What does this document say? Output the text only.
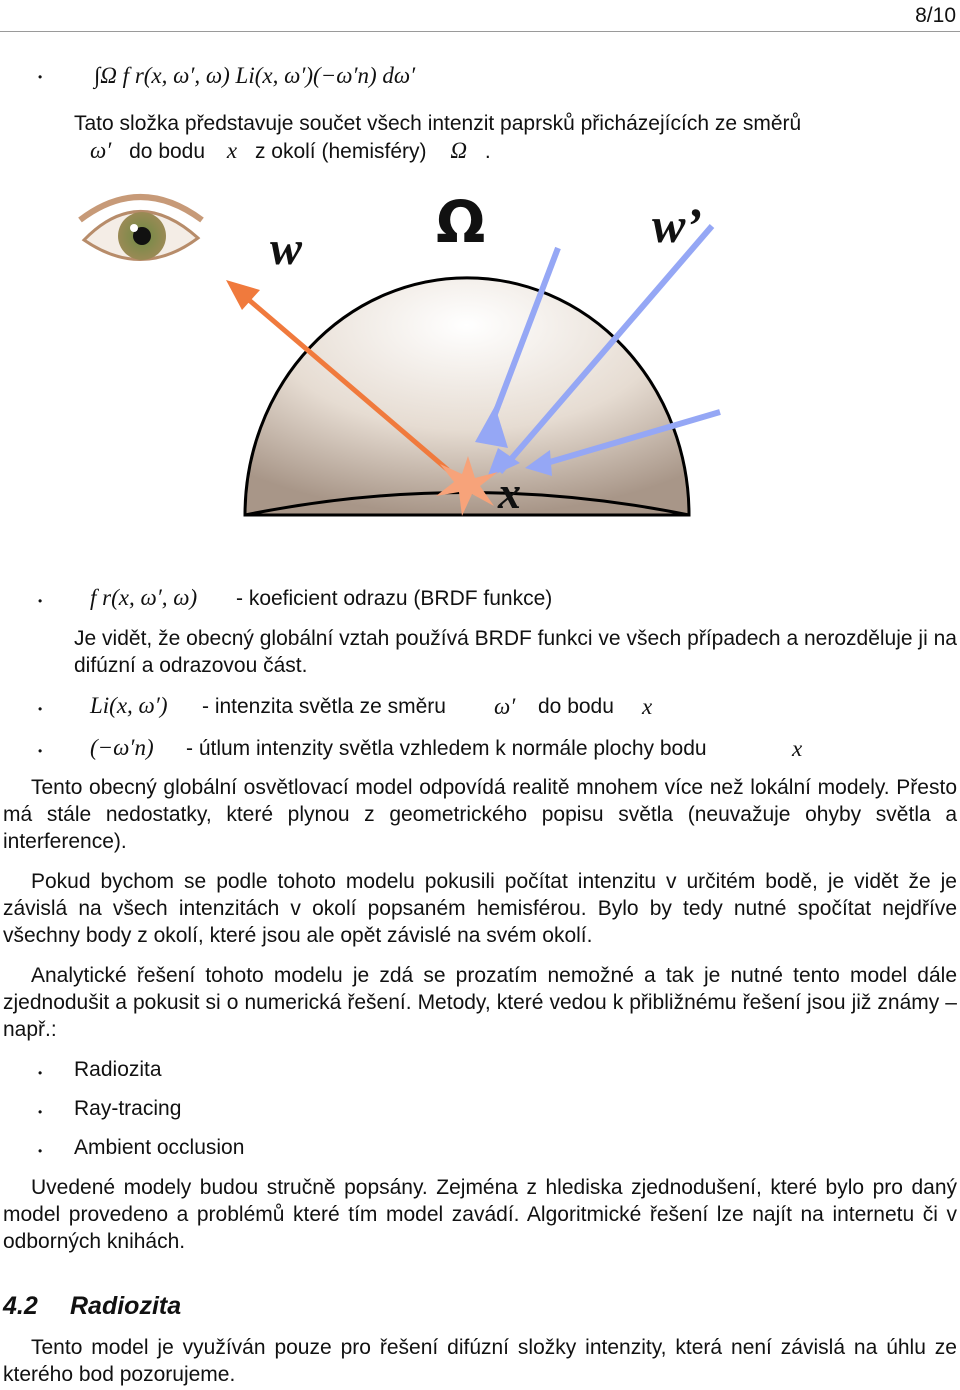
8/10
• ∫Ω f r(x, ω′, ω) Li(x, ω′)(−ω′n) dω′
Tato složka představuje součet všech intenzit paprsků přicházejících ze směrů
ω′ do bodu x z okolí (hemisféry) Ω .
w Ω	w’
x
• f r(x, ω′, ω) - koeficient odrazu (BRDF funkce)
Je vidět, že obecný globální vztah používá BRDF funkci ve všech případech a nerozděluje ji na difúzní a odrazovou část.
• Li(x, ω′) - intenzita světla ze směru ω′ do bodu x
• (−ω′n) - útlum intenzity světla vzhledem k normále plochy bodu	x
Tento obecný globální osvětlovací model odpovídá realitě mnohem více než lokální modely. Přesto má stále nedostatky, které plynou z geometrického popisu světla (neuvažuje ohyby světla a interference).
Pokud bychom se podle tohoto modelu pokusili počítat intenzitu v určitém bodě, je vidět že je závislá na všech intenzitách v okolí popsaném hemisférou. Bylo by tedy nutné spočítat nejdříve všechny body z okolí, které jsou ale opět závislé na svém okolí.
Analytické řešení tohoto modelu je zdá se prozatím nemožné a tak je nutné tento model dále zjednodušit a pokusit si o numerická řešení. Metody, které vedou k přibližnému řešení jsou již známy – např.:
• Radiozita
• Ray-tracing
• Ambient occlusion
Uvedené modely budou stručně popsány. Zejména z hlediska zjednodušení, které bylo pro daný model provedeno a problémů které tím model zavádí. Algoritmické řešení lze najít na internetu či v odborných knihách.
4.2 Radiozita
Tento model je využíván pouze pro řešení difúzní složky intenzity, která není závislá na úhlu ze kterého bod pozorujeme.
